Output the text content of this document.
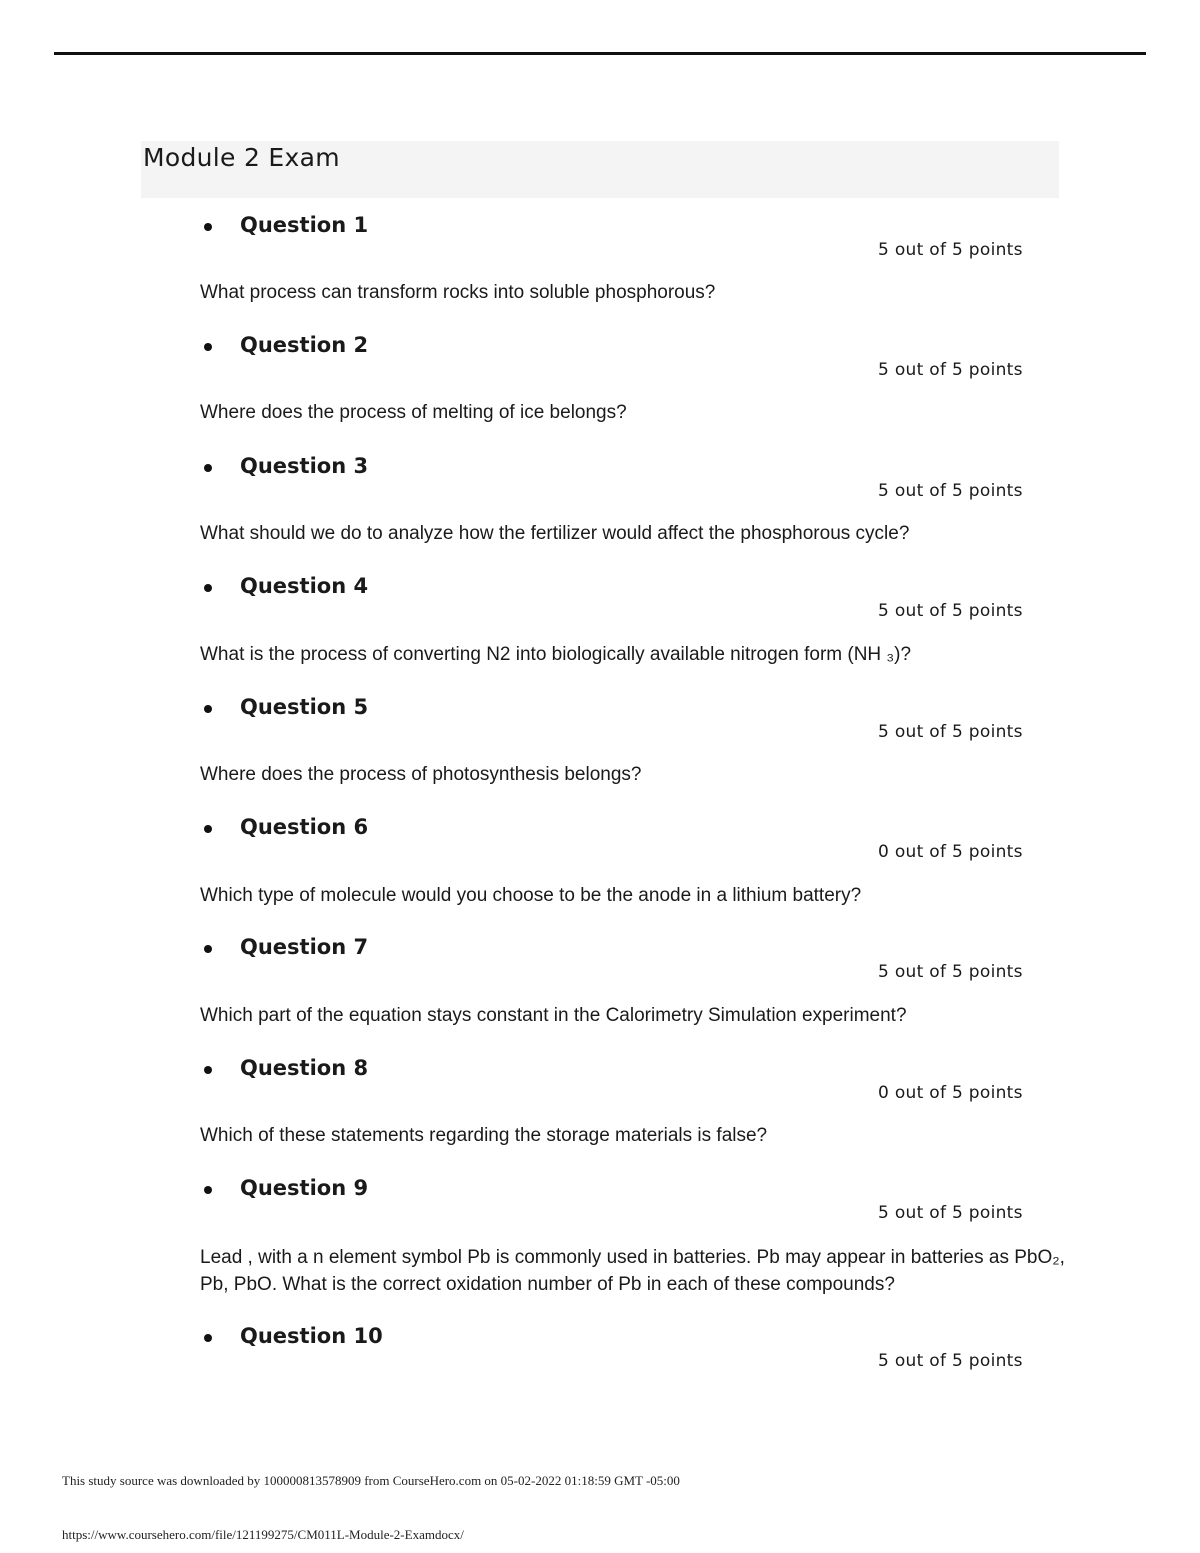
Module 2 Exam
Question 1
5 out of 5 points
What process can transform rocks into soluble phosphorous?
Question 2
5 out of 5 points
Where does the process of melting of ice belongs?
Question 3
5 out of 5 points
What should we do to analyze how the fertilizer would affect the phosphorous cycle?
Question 4
5 out of 5 points
What is the process of converting N2 into biologically available nitrogen form (NH ₃)?
Question 5
5 out of 5 points
Where does the process of photosynthesis belongs?
Question 6
0 out of 5 points
Which type of molecule would you choose to be the anode in a lithium battery?
Question 7
5 out of 5 points
Which part of the equation stays constant in the Calorimetry Simulation experiment?
Question 8
0 out of 5 points
Which of these statements regarding the storage materials is false?
Question 9
5 out of 5 points
Lead , with a n element symbol Pb is commonly used in batteries. Pb may appear in batteries as PbO₂, Pb, PbO. What is the correct oxidation number of Pb in each of these compounds?
Question 10
5 out of 5 points
This study source was downloaded by 100000813578909 from CourseHero.com on 05-02-2022 01:18:59 GMT -05:00
https://www.coursehero.com/file/121199275/CM011L-Module-2-Examdocx/
